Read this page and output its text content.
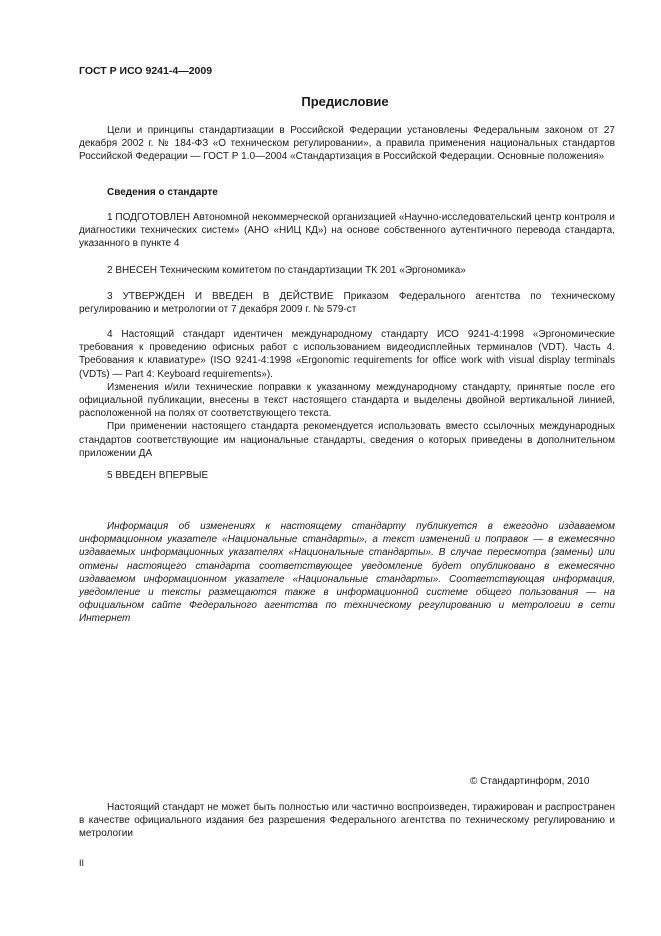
ГОСТ Р ИСО 9241-4—2009
Предисловие

Цели и принципы стандартизации в Российской Федерации установлены Федеральным законом от 27 декабря 2002 г. № 184-ФЗ «О техническом регулировании», а правила применения национальных стандартов Российской Федерации — ГОСТ Р 1.0—2004 «Стандартизация в Российской Федерации. Основные положения»

Сведения о стандарте

1 ПОДГОТОВЛЕН Автономной некоммерческой организацией «Научно-исследовательский центр контроля и диагностики технических систем» (АНО «НИЦ КД») на основе собственного аутентичного перевода стандарта, указанного в пункте 4

2 ВНЕСЕН Техническим комитетом по стандартизации ТК 201 «Эргономика»

3 УТВЕРЖДЕН И ВВЕДЕН В ДЕЙСТВИЕ Приказом Федерального агентства по техническому регулированию и метрологии от 7 декабря 2009 г. № 579-ст

4 Настоящий стандарт идентичен международному стандарту ИСО 9241-4:1998 «Эргономические требования к проведению офисных работ с использованием видеодисплейных терминалов (VDT). Часть 4. Требования к клавиатуре» (ISO 9241-4:1998 «Ergonomic requirements for office work with visual display terminals (VDTs) — Part 4: Keyboard requirements»).

Изменения и/или технические поправки к указанному международному стандарту, принятые после его официальной публикации, внесены в текст настоящего стандарта и выделены двойной вертикальной линией, расположенной на полях от соответствующего текста.

При применении настоящего стандарта рекомендуется использовать вместо ссылочных международных стандартов соответствующие им национальные стандарты, сведения о которых приведены в дополнительном приложении ДА

5 ВВЕДЕН ВПЕРВЫЕ

Информация об изменениях к настоящему стандарту публикуется в ежегодно издаваемом информационном указателе «Национальные стандарты», а текст изменений и поправок — в ежемесячно издаваемых информационных указателях «Национальные стандарты». В случае пересмотра (замены) или отмены настоящего стандарта соответствующее уведомление будет опубликовано в ежемесячно издаваемом информационном указателе «Национальные стандарты». Соответствующая информация, уведомление и тексты размещаются также в информационной системе общего пользования — на официальном сайте Федерального агентства по техническому регулированию и метрологии в сети Интернет

© Стандартинформ, 2010

Настоящий стандарт не может быть полностью или частично воспроизведен, тиражирован и распространен в качестве официального издания без разрешения Федерального агентства по техническому регулированию и метрологии

II
